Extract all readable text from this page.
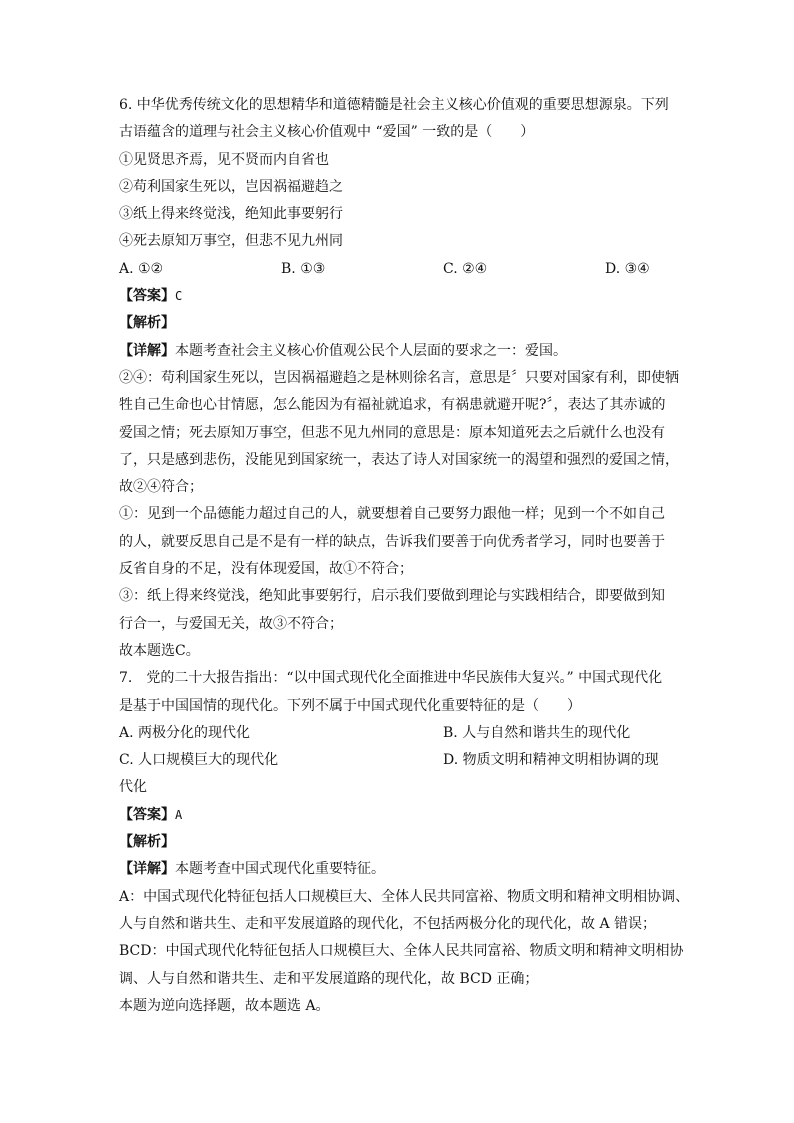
6. 中华优秀传统文化的思想精华和道德精髓是社会主义核心价值观的重要思想源泉。下列
古语蕴含的道理与社会主义核心价值观中 “爱国” 一致的是（　　）
①见贤思齐焉，见不贤而内自省也
②苟利国家生死以，岂因祸福避趋之
③纸上得来终觉浅，绝知此事要躬行
④死去原知万事空，但悲不见九州同
A. ①②	B. ①③	C. ②④	D. ③④
【答案】C
【解析】
【详解】本题考查社会主义核心价值观公民个人层面的要求之一：爱国。
②④：苟利国家生死以，岂因祸福避趋之是林则徐名言，意思是〞只要对国家有利，即使牺
牲自己生命也心甘情愿，怎么能因为有福祉就追求，有祸患就避开呢?〞，表达了其赤诚的
爱国之情；死去原知万事空，但悲不见九州同的意思是：原本知道死去之后就什么也没有
了，只是感到悲伤，没能见到国家统一，表达了诗人对国家统一的渴望和强烈的爱国之情，
故②④符合；
①：见到一个品德能力超过自己的人，就要想着自己要努力跟他一样；见到一个不如自己
的人，就要反思自己是不是有一样的缺点，告诉我们要善于向优秀者学习，同时也要善于
反省自身的不足，没有体现爱国，故①不符合；
③：纸上得来终觉浅，绝知此事要躬行，启示我们要做到理论与实践相结合，即要做到知
行合一，与爱国无关，故③不符合；
故本题选C。
7.　党的二十大报告指出：“以中国式现代化全面推进中华民族伟大复兴。” 中国式现代化
是基于中国国情的现代化。下列不属于中国式现代化重要特征的是（　　）
A. 两极分化的现代化	B. 人与自然和谐共生的现代化
C. 人口规模巨大的现代化	D. 物质文明和精神文明相协调的现
代化
【答案】A
【解析】
【详解】本题考查中国式现代化重要特征。
A：中国式现代化特征包括人口规模巨大、全体人民共同富裕、物质文明和精神文明相协调、
人与自然和谐共生、走和平发展道路的现代化，不包括两极分化的现代化，故 A 错误；
BCD：中国式现代化特征包括人口规模巨大、全体人民共同富裕、物质文明和精神文明相协
调、人与自然和谐共生、走和平发展道路的现代化，故 BCD 正确；
本题为逆向选择题，故本题选 A。
